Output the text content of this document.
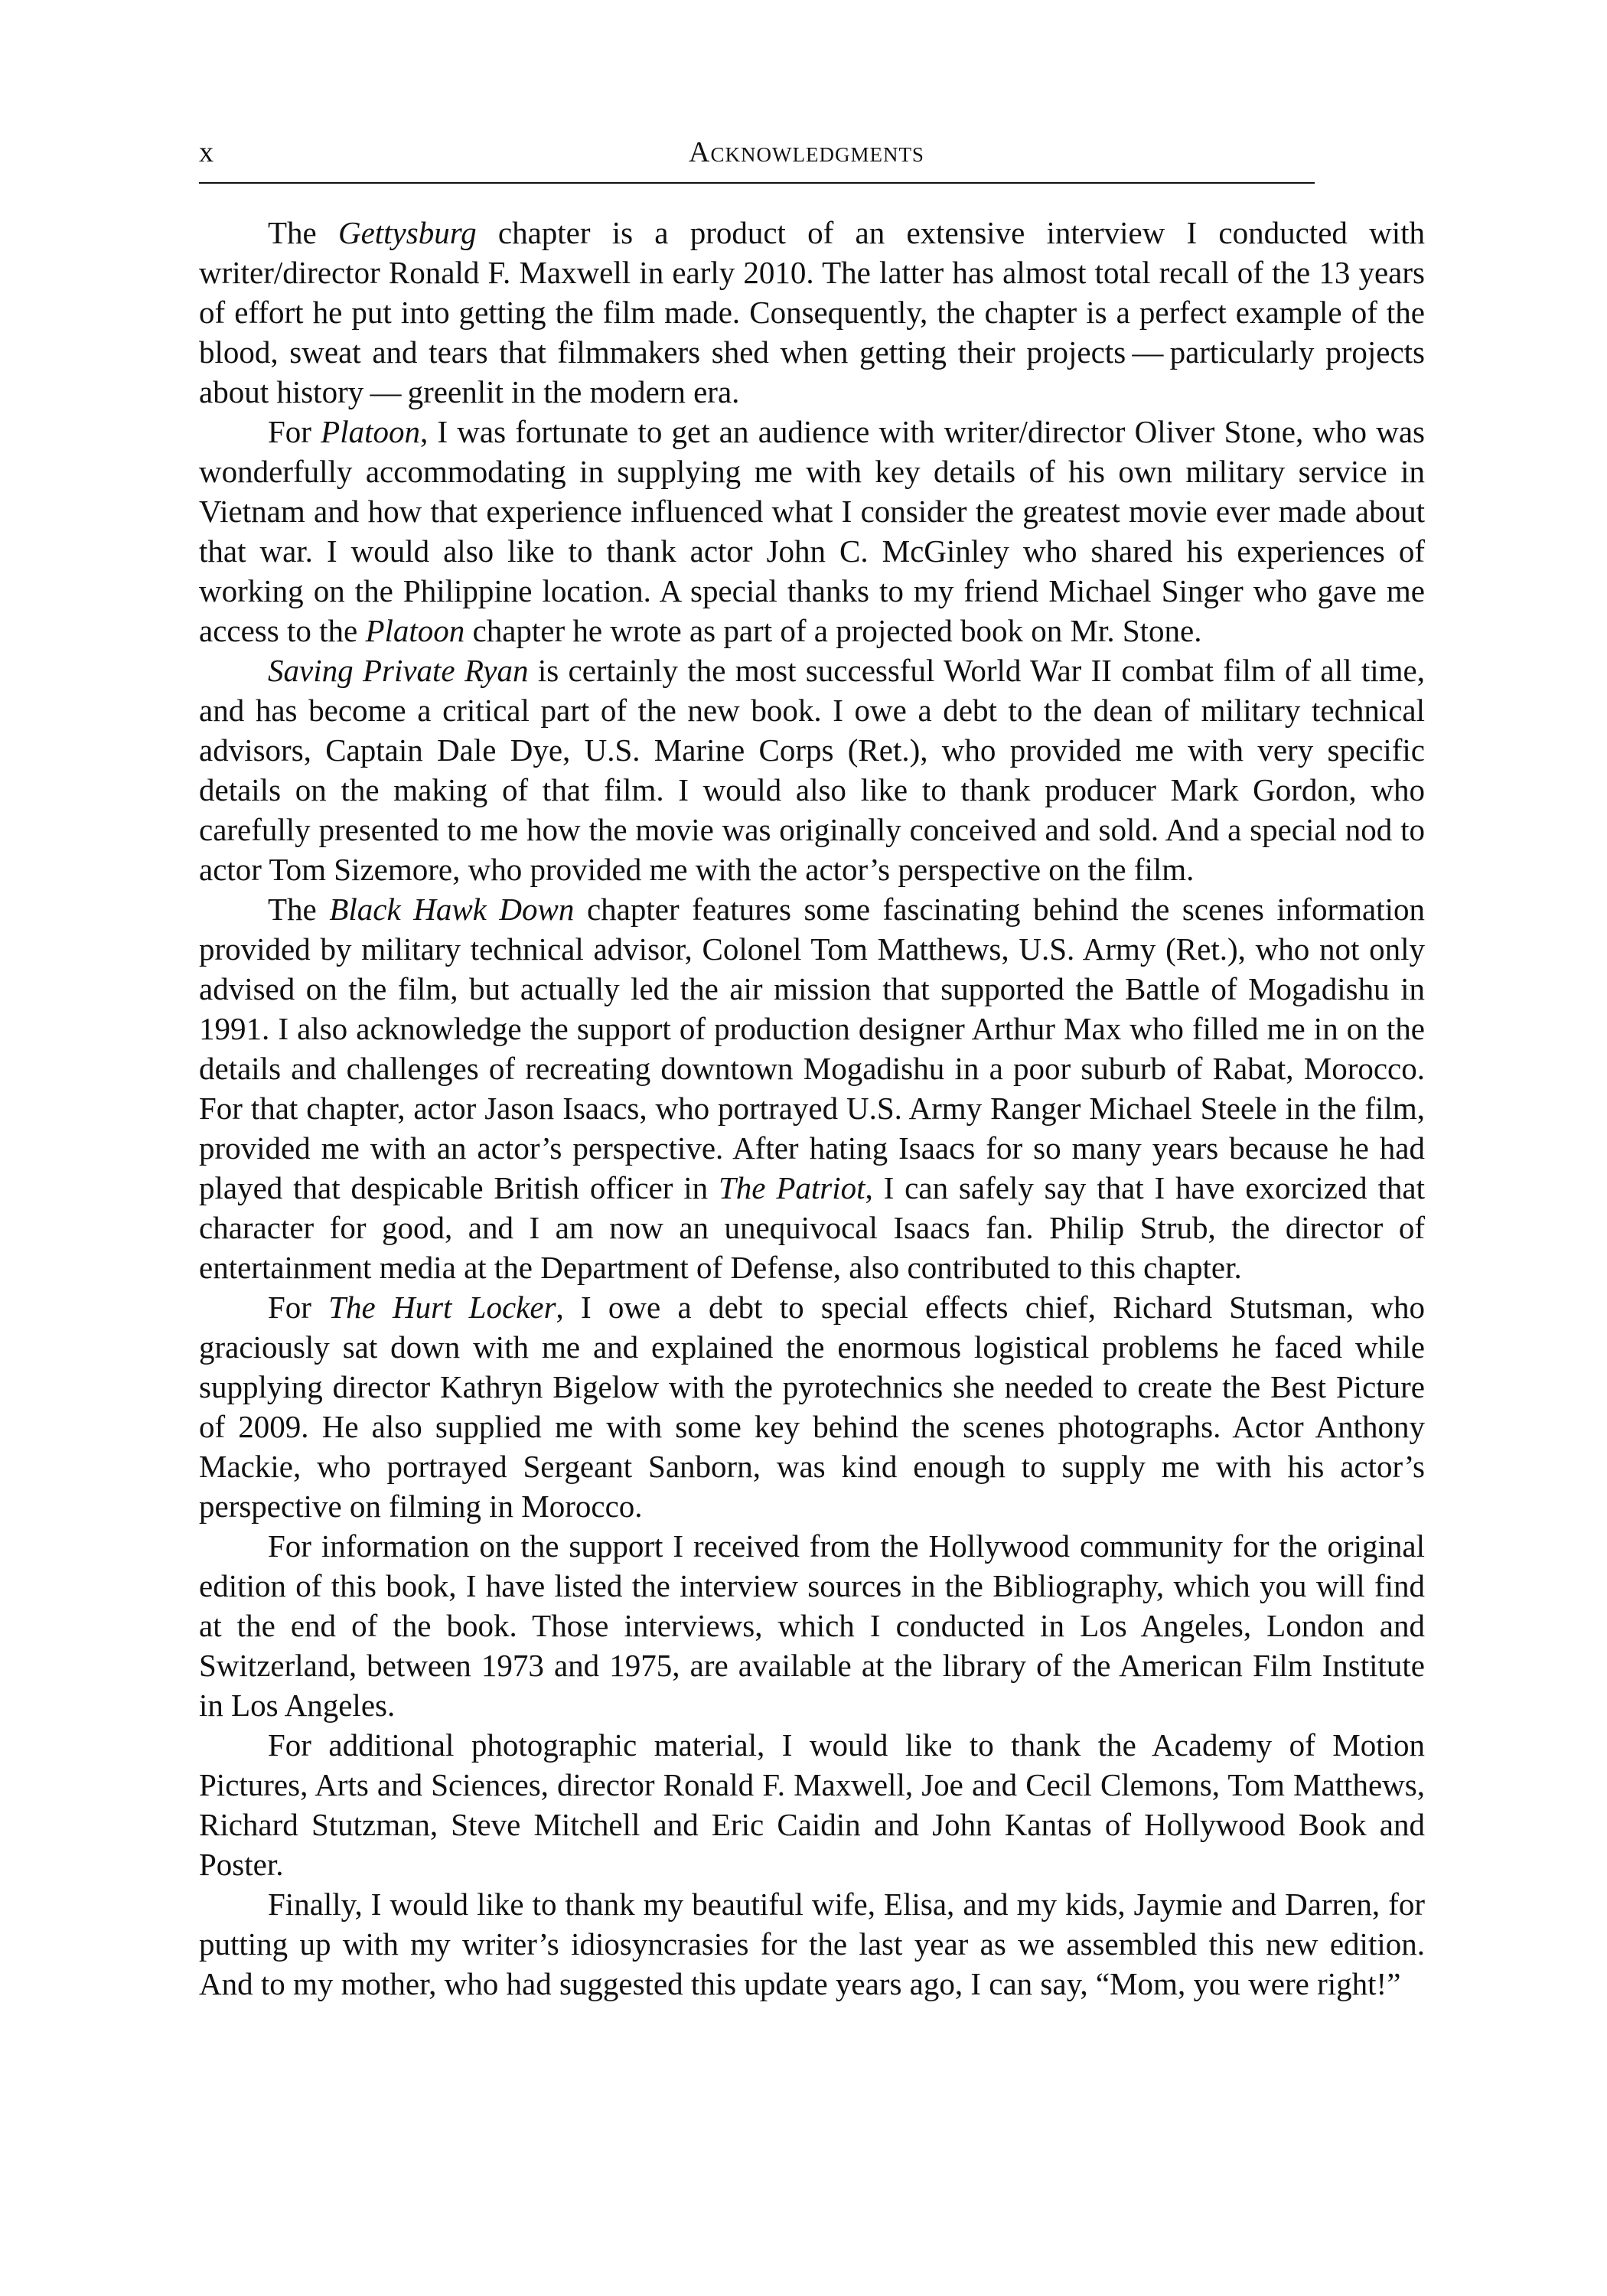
x	Acknowledgments

The Gettysburg chapter is a product of an extensive interview I conducted with writer/director Ronald F. Maxwell in early 2010. The latter has almost total recall of the 13 years of effort he put into getting the film made. Consequently, the chapter is a perfect example of the blood, sweat and tears that filmmakers shed when getting their projects — particularly projects about history — greenlit in the modern era.

For Platoon, I was fortunate to get an audience with writer/director Oliver Stone, who was wonderfully accommodating in supplying me with key details of his own military service in Vietnam and how that experience influenced what I consider the greatest movie ever made about that war. I would also like to thank actor John C. McGinley who shared his experiences of working on the Philippine location. A special thanks to my friend Michael Singer who gave me access to the Platoon chapter he wrote as part of a projected book on Mr. Stone.

Saving Private Ryan is certainly the most successful World War II combat film of all time, and has become a critical part of the new book. I owe a debt to the dean of military technical advisors, Captain Dale Dye, U.S. Marine Corps (Ret.), who provided me with very specific details on the making of that film. I would also like to thank producer Mark Gordon, who carefully presented to me how the movie was originally conceived and sold. And a special nod to actor Tom Sizemore, who provided me with the actor’s perspective on the film.

The Black Hawk Down chapter features some fascinating behind the scenes information provided by military technical advisor, Colonel Tom Matthews, U.S. Army (Ret.), who not only advised on the film, but actually led the air mission that supported the Battle of Mogadishu in 1991. I also acknowledge the support of production designer Arthur Max who filled me in on the details and challenges of recreating downtown Mogadishu in a poor suburb of Rabat, Morocco. For that chapter, actor Jason Isaacs, who portrayed U.S. Army Ranger Michael Steele in the film, provided me with an actor’s perspective. After hating Isaacs for so many years because he had played that despicable British officer in The Patriot, I can safely say that I have exorcized that character for good, and I am now an unequivocal Isaacs fan. Philip Strub, the director of entertainment media at the Department of Defense, also contributed to this chapter.

For The Hurt Locker, I owe a debt to special effects chief, Richard Stutsman, who graciously sat down with me and explained the enormous logistical problems he faced while supplying director Kathryn Bigelow with the pyrotechnics she needed to create the Best Picture of 2009. He also supplied me with some key behind the scenes photographs. Actor Anthony Mackie, who portrayed Sergeant Sanborn, was kind enough to supply me with his actor’s perspective on filming in Morocco.

For information on the support I received from the Hollywood community for the original edition of this book, I have listed the interview sources in the Bibliography, which you will find at the end of the book. Those interviews, which I conducted in Los Angeles, London and Switzerland, between 1973 and 1975, are available at the library of the American Film Institute in Los Angeles.

For additional photographic material, I would like to thank the Academy of Motion Pictures, Arts and Sciences, director Ronald F. Maxwell, Joe and Cecil Clemons, Tom Matthews, Richard Stutzman, Steve Mitchell and Eric Caidin and John Kantas of Hollywood Book and Poster.

Finally, I would like to thank my beautiful wife, Elisa, and my kids, Jaymie and Darren, for putting up with my writer’s idiosyncrasies for the last year as we assembled this new edition. And to my mother, who had suggested this update years ago, I can say, “Mom, you were right!”
